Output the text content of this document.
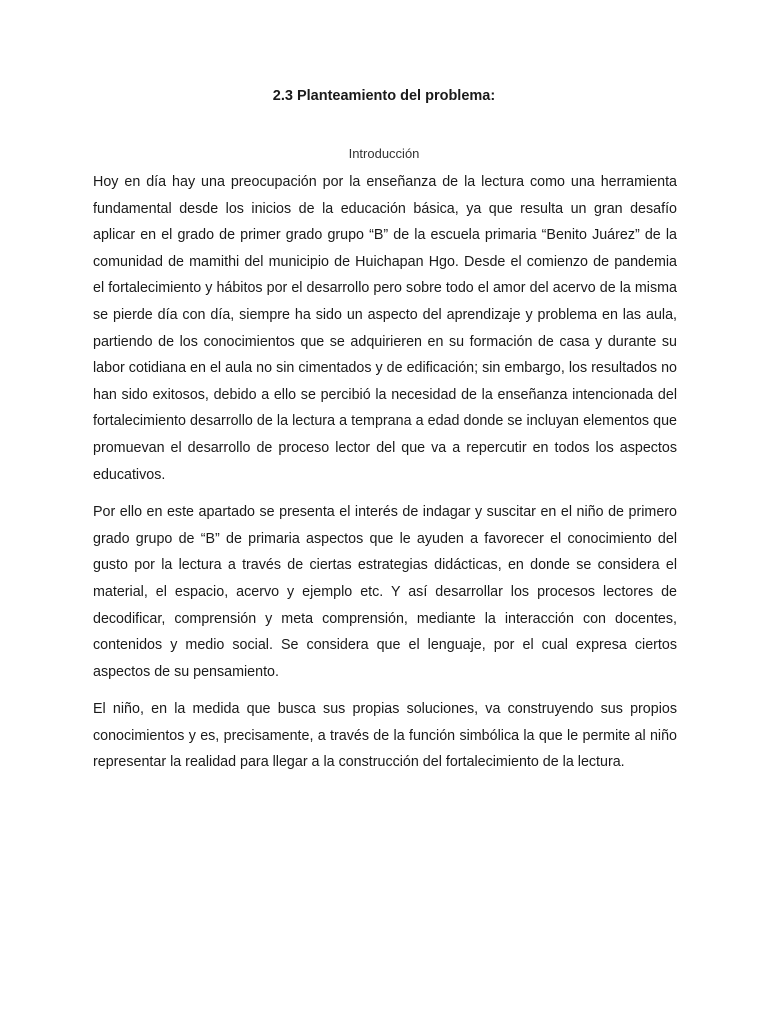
2.3 Planteamiento del problema:
Introducción

Hoy en día hay una preocupación por la enseñanza de la lectura como una herramienta fundamental desde los inicios de la educación básica, ya que resulta un gran desafío aplicar en el grado de primer grado grupo “B” de la escuela primaria “Benito Juárez” de la comunidad de mamithi del municipio de Huichapan Hgo. Desde el comienzo de pandemia el fortalecimiento y hábitos por el desarrollo pero sobre todo el amor del acervo de la misma se pierde día con día, siempre ha sido un aspecto del aprendizaje y problema en las aula, partiendo de los conocimientos que se adquirieren en su formación de casa y durante su labor cotidiana en el aula no sin cimentados y de edificación; sin embargo, los resultados no han sido exitosos, debido a ello se percibió la necesidad de la enseñanza intencionada del fortalecimiento desarrollo de la lectura a temprana a edad donde se incluyan elementos que promuevan el desarrollo de proceso lector del que va a repercutir en todos los aspectos educativos.

Por ello en este apartado se presenta el interés de indagar y suscitar en el niño de primero grado grupo de “B” de primaria aspectos que le ayuden a favorecer el conocimiento del gusto por la lectura a través de ciertas estrategias didácticas, en donde se considera el material, el espacio, acervo y ejemplo etc. Y así desarrollar los procesos lectores de decodificar, comprensión y meta comprensión, mediante la interacción con docentes, contenidos y medio social. Se considera que el lenguaje, por el cual expresa ciertos aspectos de su pensamiento.

El niño, en la medida que busca sus propias soluciones, va construyendo sus propios conocimientos y es, precisamente, a través de la función simbólica la que le permite al niño representar la realidad para llegar a la construcción del fortalecimiento de la lectura.
